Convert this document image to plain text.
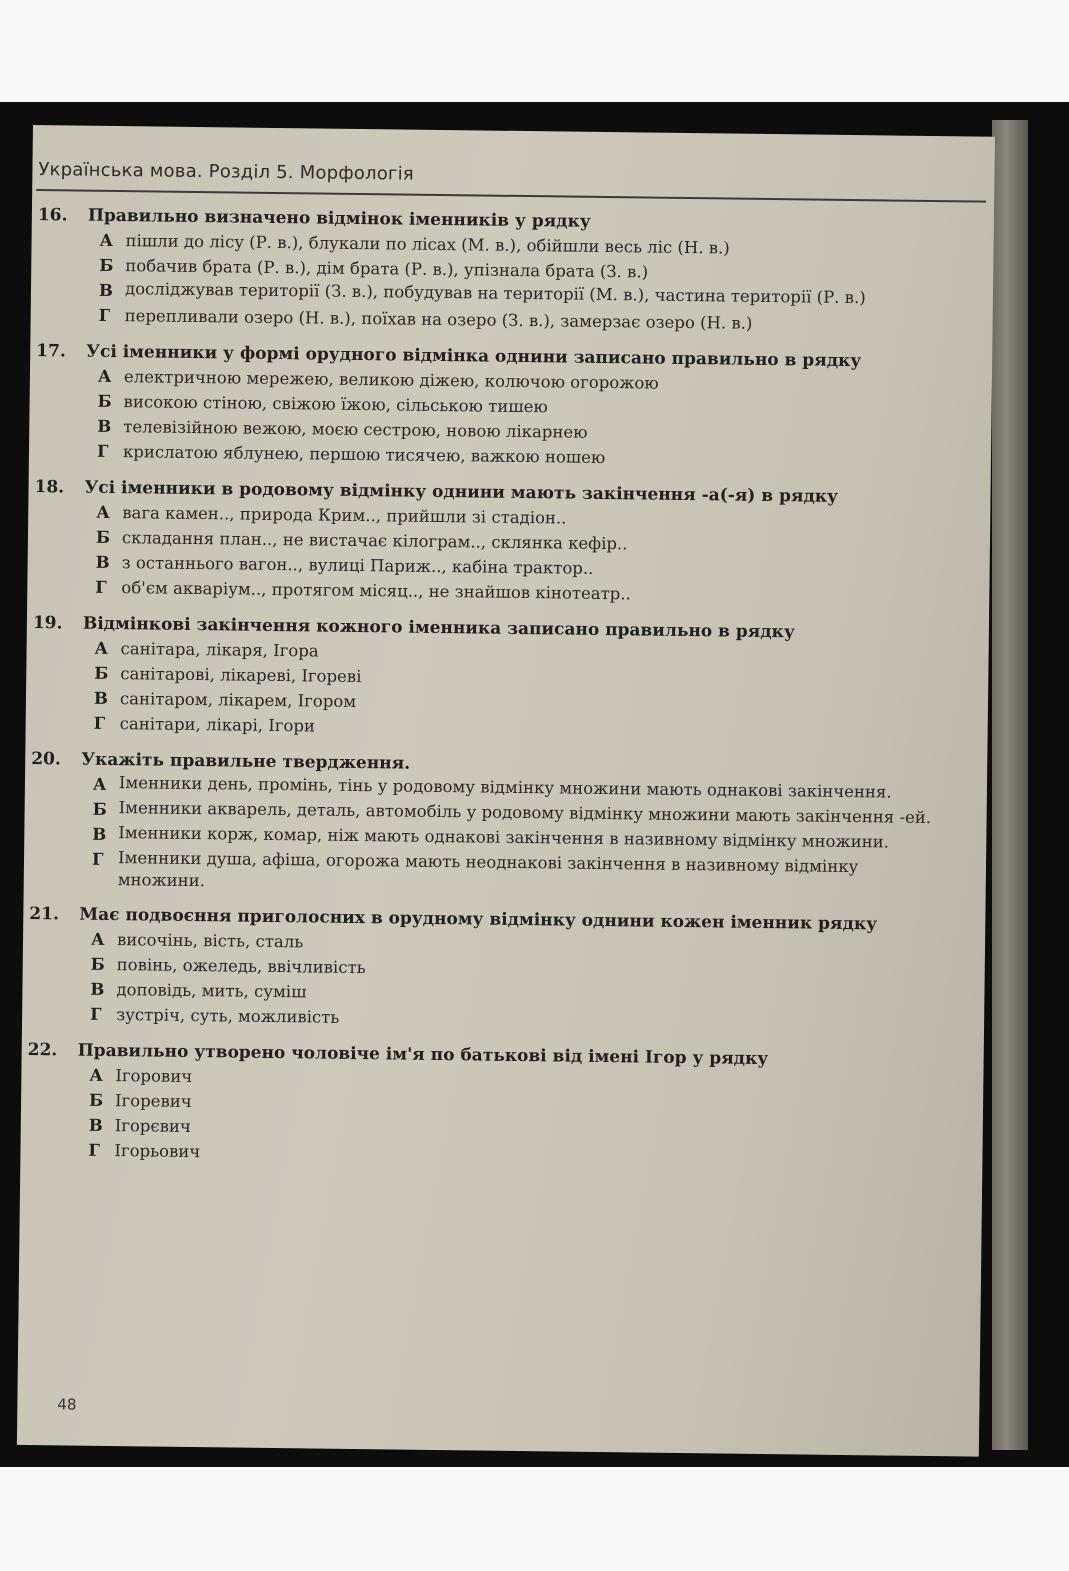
Українська мова. Розділ 5. Морфологія
16.	Правильно визначено відмінок іменників у рядку
А пішли до лісу (Р. в.), блукали по лісах (М. в.), обійшли весь ліс (Н. в.)
Б побачив брата (Р. в.), дім брата (Р. в.), упізнала брата (З. в.)
В досліджував території (З. в.), побудував на території (М. в.), частина території (Р. в.)
Г перепливали озеро (Н. в.), поїхав на озеро (З. в.), замерзає озеро (Н. в.)
17.	Усі іменники у формі орудного відмінка однини записано правильно в рядку
А електричною мережею, великою діжею, колючою огорожою
Б високою стіною, свіжою їжою, сільською тишею
В телевізійною вежою, моєю сестрою, новою лікарнею
Г крислатою яблунею, першою тисячею, важкою ношею
18.	Усі іменники в родовому відмінку однини мають закінчення -а(-я) в рядку
А вага камен.., природа Крим.., прийшли зі стадіон..
Б складання план.., не вистачає кілограм.., склянка кефір..
В з останнього вагон.., вулиці Париж.., кабіна трактор..
Г об'єм акваріум.., протягом місяц.., не знайшов кінотеатр..
19.	Відмінкові закінчення кожного іменника записано правильно в рядку
А санітара, лікаря, Ігора
Б санітарові, лікареві, Ігореві
В санітаром, лікарем, Ігором
Г санітари, лікарі, Ігори
20.	Укажіть правильне твердження.
А Іменники день, промінь, тінь у родовому відмінку множини мають однакові закінчення.
Б Іменники акварель, деталь, автомобіль у родовому відмінку множини мають закінчення -ей.
В Іменники корж, комар, ніж мають однакові закінчення в називному відмінку множини.
Г Іменники душа, афіша, огорожа мають неоднакові закінчення в називному відмінку множини.
21.	Має подвоєння приголосних в орудному відмінку однини кожен іменник рядку
А височінь, вість, сталь
Б повінь, ожеледь, ввічливість
В доповідь, мить, суміш
Г зустріч, суть, можливість
22.	Правильно утворено чоловіче ім'я по батькові від імені Ігор у рядку
А Ігорович
Б Ігоревич
В Ігорєвич
Г Ігорьович
48
